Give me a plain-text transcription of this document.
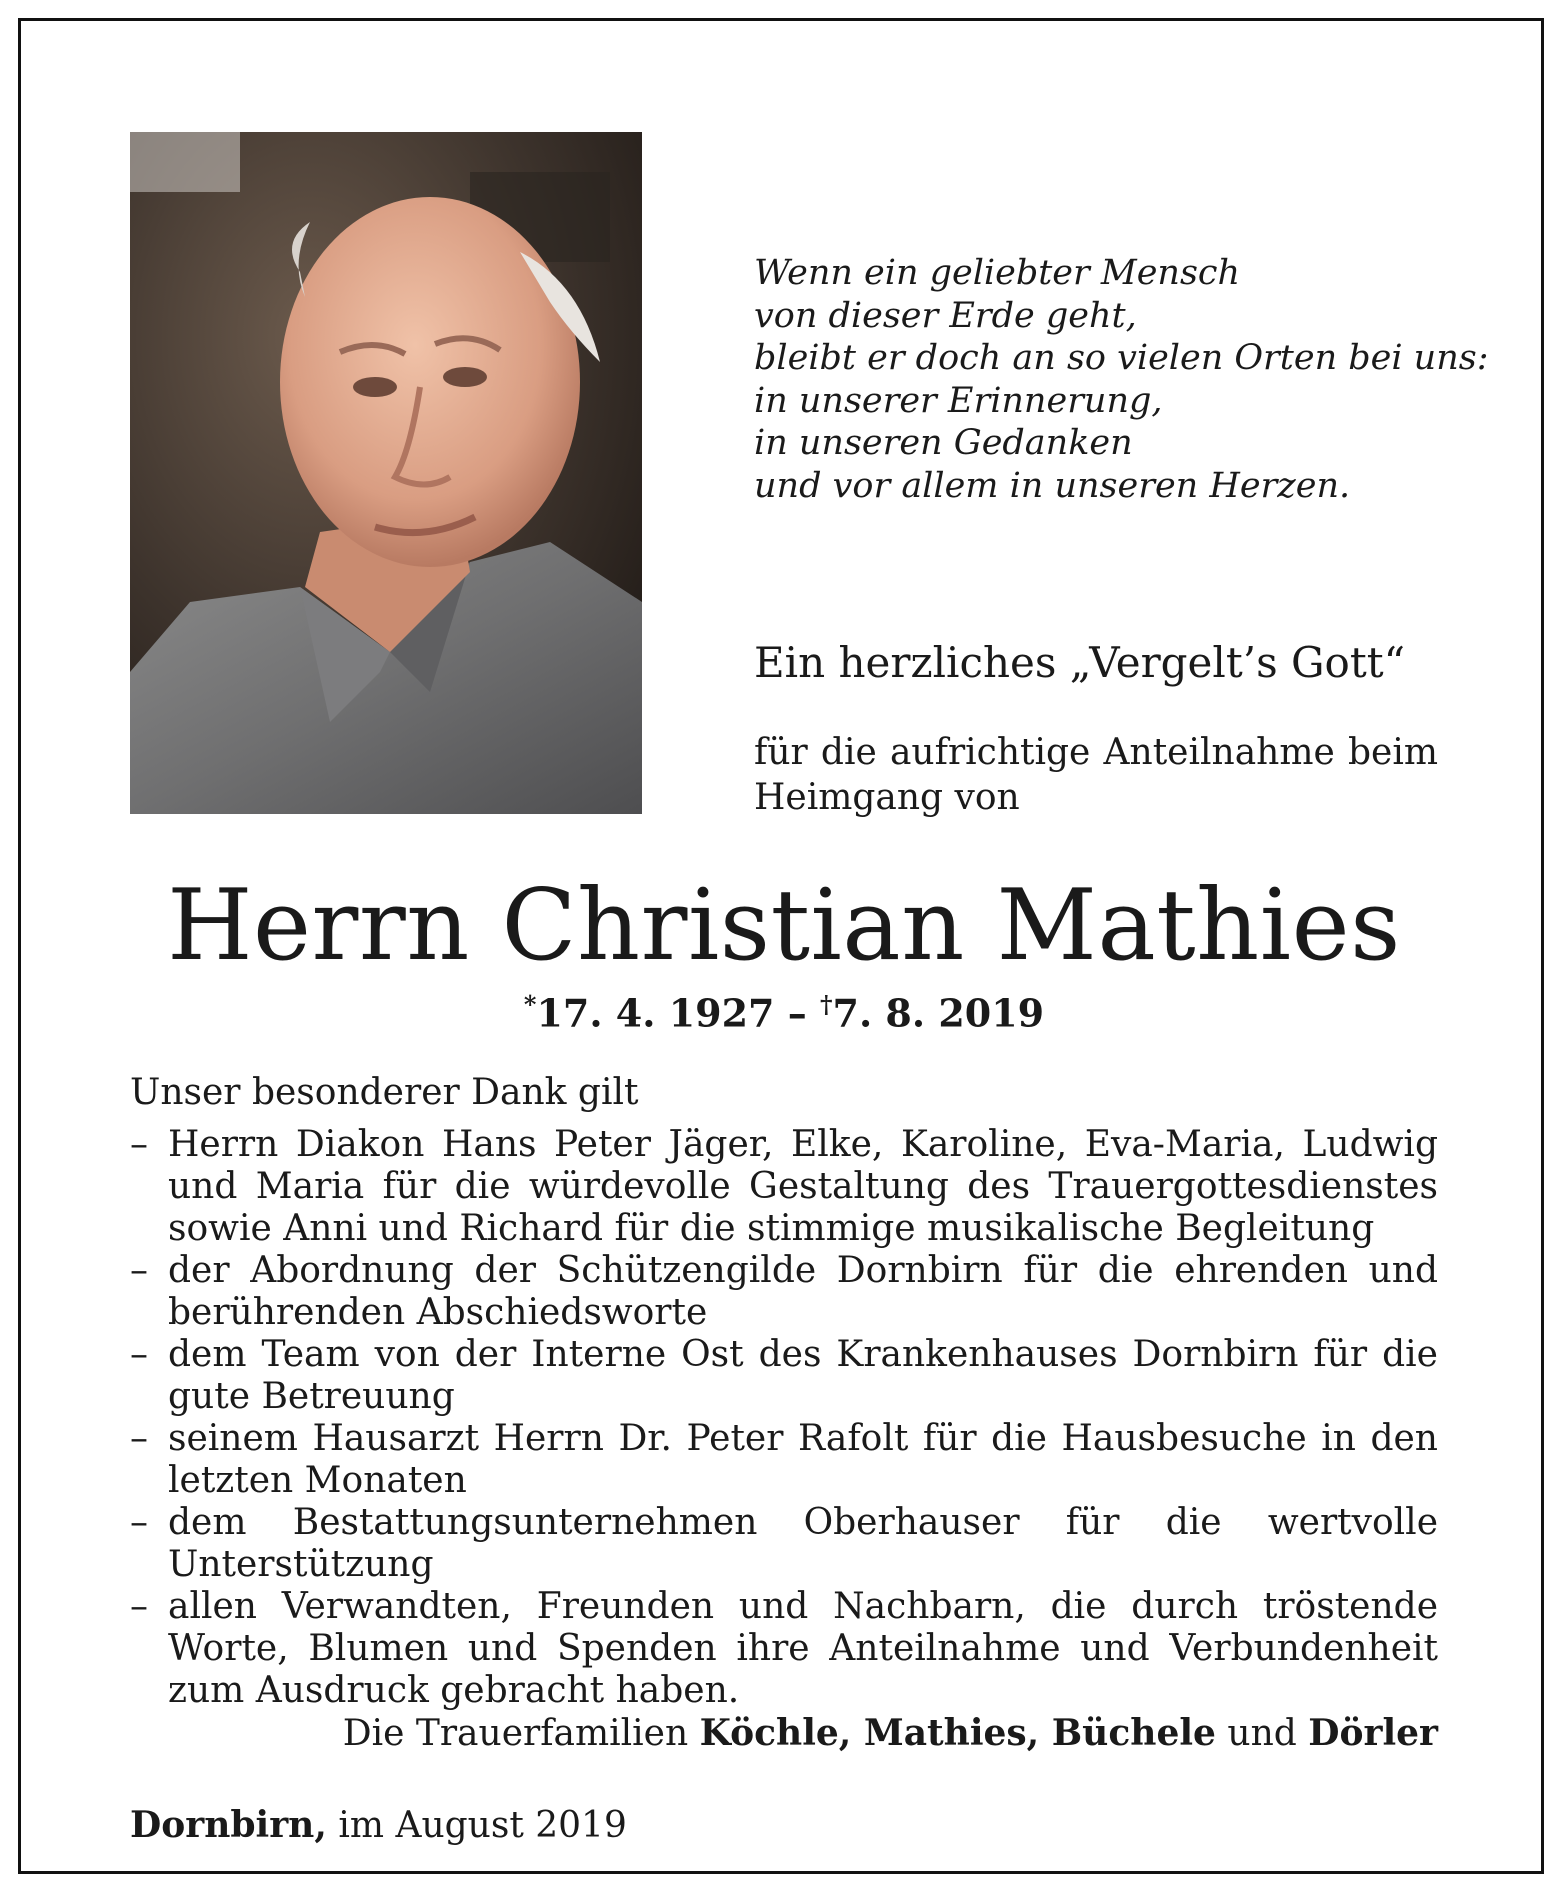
Wenn ein geliebter Mensch
von dieser Erde geht,
bleibt er doch an so vielen Orten bei uns:
in unserer Erinnerung,
in unseren Gedanken
und vor allem in unseren Herzen.
Ein herzliches „Vergelt’s Gott“
für die aufrichtige Anteilnahme beim
Heimgang von
Herrn Christian Mathies
*17. 4. 1927 – †7. 8. 2019
Unser besonderer Dank gilt
– Herrn Diakon Hans Peter Jäger, Elke, Karoline, Eva-Maria, Ludwig und Maria für die würdevolle Gestaltung des Trauergottesdienstes sowie Anni und Richard für die stimmige musikalische Begleitung
– der Abordnung der Schützengilde Dornbirn für die ehrenden und berührenden Abschiedsworte
– dem Team von der Interne Ost des Krankenhauses Dornbirn für die gute Betreuung
– seinem Hausarzt Herrn Dr. Peter Rafolt für die Hausbesuche in den letzten Monaten
– dem Bestattungsunternehmen Oberhauser für die wertvolle Unterstützung
– allen Verwandten, Freunden und Nachbarn, die durch tröstende Worte, Blumen und Spenden ihre Anteilnahme und Verbundenheit zum Ausdruck gebracht haben.
Die Trauerfamilien Köchle, Mathies, Büchele und Dörler
Dornbirn, im August 2019
